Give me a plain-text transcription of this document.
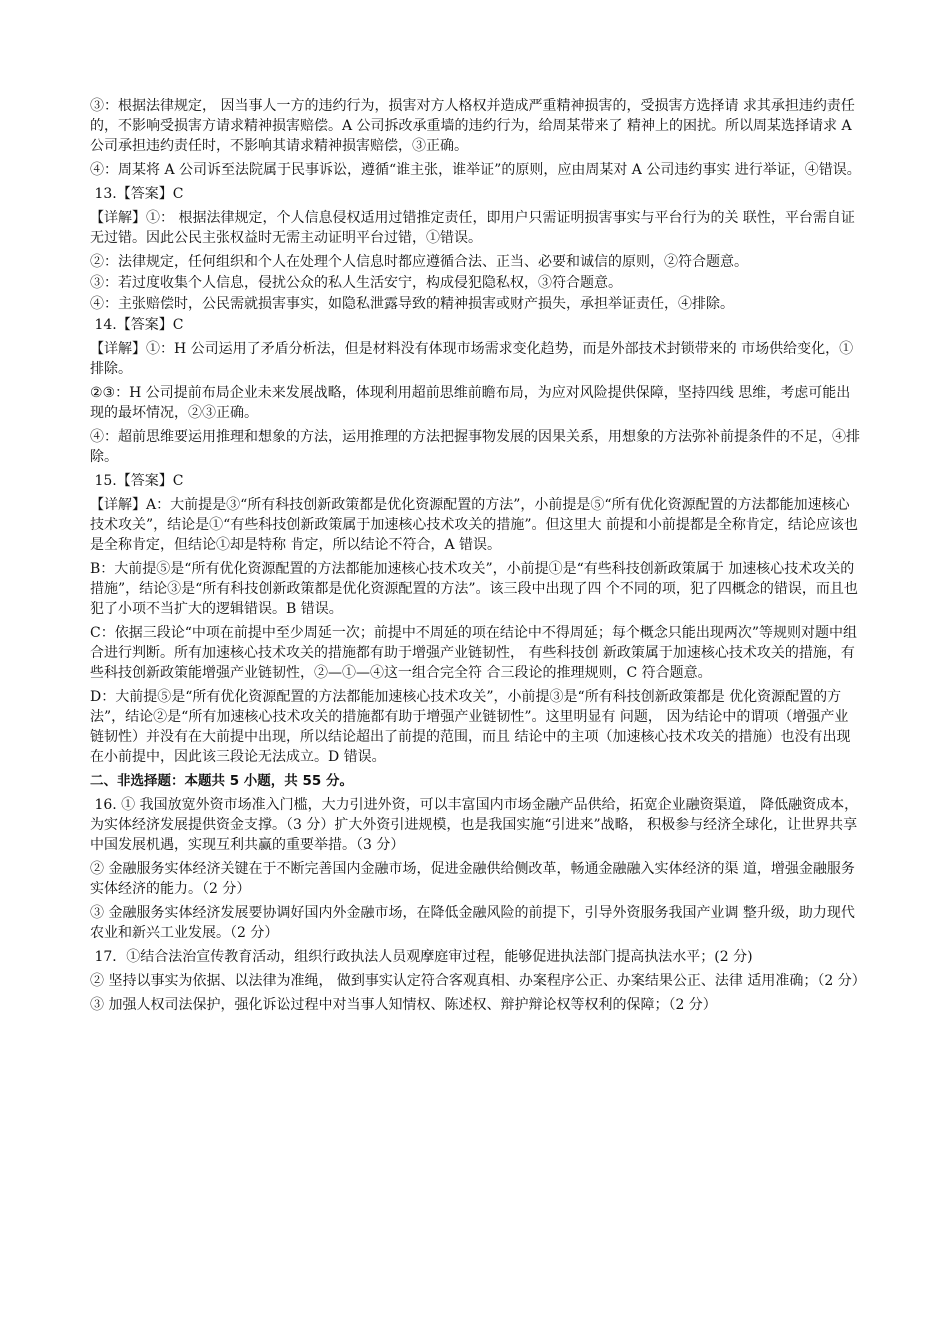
③：根据法律规定， 因当事人一方的违约行为，损害对方人格权并造成严重精神损害的，受损害方选择请 求其承担违约责任的，不影响受损害方请求精神损害赔偿。A 公司拆改承重墙的违约行为，给周某带来了 精神上的困扰。所以周某选择请求 A 公司承担违约责任时，不影响其请求精神损害赔偿，③正确。

④：周某将 A 公司诉至法院属于民事诉讼，遵循“谁主张，谁举证”的原则，应由周某对 A 公司违约事实 进行举证，④错误。

13.【答案】C

【详解】①： 根据法律规定，个人信息侵权适用过错推定责任，即用户只需证明损害事实与平台行为的关 联性，平台需自证无过错。因此公民主张权益时无需主动证明平台过错，①错误。

②：法律规定，任何组织和个人在处理个人信息时都应遵循合法、正当、必要和诚信的原则，②符合题意。

③：若过度收集个人信息，侵扰公众的私人生活安宁，构成侵犯隐私权，③符合题意。

④：主张赔偿时，公民需就损害事实，如隐私泄露导致的精神损害或财产损失，承担举证责任，④排除。

14.【答案】C

【详解】①：H 公司运用了矛盾分析法，但是材料没有体现市场需求变化趋势，而是外部技术封锁带来的 市场供给变化，①排除。

②③：H 公司提前布局企业未来发展战略，体现利用超前思维前瞻布局，为应对风险提供保障，坚持四线 思维，考虑可能出现的最坏情况，②③正确。

④：超前思维要运用推理和想象的方法，运用推理的方法把握事物发展的因果关系，用想象的方法弥补前提条件的不足，④排除。

15.【答案】C

【详解】A：大前提是③“所有科技创新政策都是优化资源配置的方法”，小前提是⑤“所有优化资源配置的方法都能加速核心技术攻关”，结论是①“有些科技创新政策属于加速核心技术攻关的措施”。但这里大 前提和小前提都是全称肯定，结论应该也是全称肯定，但结论①却是特称 肯定，所以结论不符合，A 错误。

B：大前提⑤是“所有优化资源配置的方法都能加速核心技术攻关”，小前提①是“有些科技创新政策属于 加速核心技术攻关的措施”，结论③是“所有科技创新政策都是优化资源配置的方法”。该三段中出现了四 个不同的项，犯了四概念的错误，而且也犯了小项不当扩大的逻辑错误。B 错误。

C：依据三段论“中项在前提中至少周延一次；前提中不周延的项在结论中不得周延；每个概念只能出现两次”等规则对题中组合进行判断。所有加速核心技术攻关的措施都有助于增强产业链韧性， 有些科技创 新政策属于加速核心技术攻关的措施，有些科技创新政策能增强产业链韧性，②—①—④这一组合完全符 合三段论的推理规则，C 符合题意。

D：大前提⑤是“所有优化资源配置的方法都能加速核心技术攻关”，小前提③是“所有科技创新政策都是 优化资源配置的方法”，结论②是“所有加速核心技术攻关的措施都有助于增强产业链韧性”。这里明显有 问题， 因为结论中的谓项（增强产业链韧性）并没有在大前提中出现，所以结论超出了前提的范围，而且 结论中的主项（加速核心技术攻关的措施）也没有出现在小前提中，因此该三段论无法成立。D 错误。

二、非选择题：本题共 5 小题，共 55 分。

16. ① 我国放宽外资市场准入门槛，大力引进外资，可以丰富国内市场金融产品供给，拓宽企业融资渠道， 降低融资成本，为实体经济发展提供资金支撑。（3 分）扩大外资引进规模，也是我国实施“引进来”战略， 积极参与经济全球化，让世界共享中国发展机遇，实现互利共赢的重要举措。（3 分）

② 金融服务实体经济关键在于不断完善国内金融市场，促进金融供给侧改革，畅通金融融入实体经济的渠 道，增强金融服务实体经济的能力。（2 分）

③ 金融服务实体经济发展要协调好国内外金融市场，在降低金融风险的前提下，引导外资服务我国产业调 整升级，助力现代农业和新兴工业发展。（2 分）

17．①结合法治宣传教育活动，组织行政执法人员观摩庭审过程，能够促进执法部门提高执法水平；(2 分)

② 坚持以事实为依据、以法律为准绳， 做到事实认定符合客观真相、办案程序公正、办案结果公正、法律 适用准确；（2 分）

③ 加强人权司法保护，强化诉讼过程中对当事人知情权、陈述权、辩护辩论权等权利的保障；（2 分）
